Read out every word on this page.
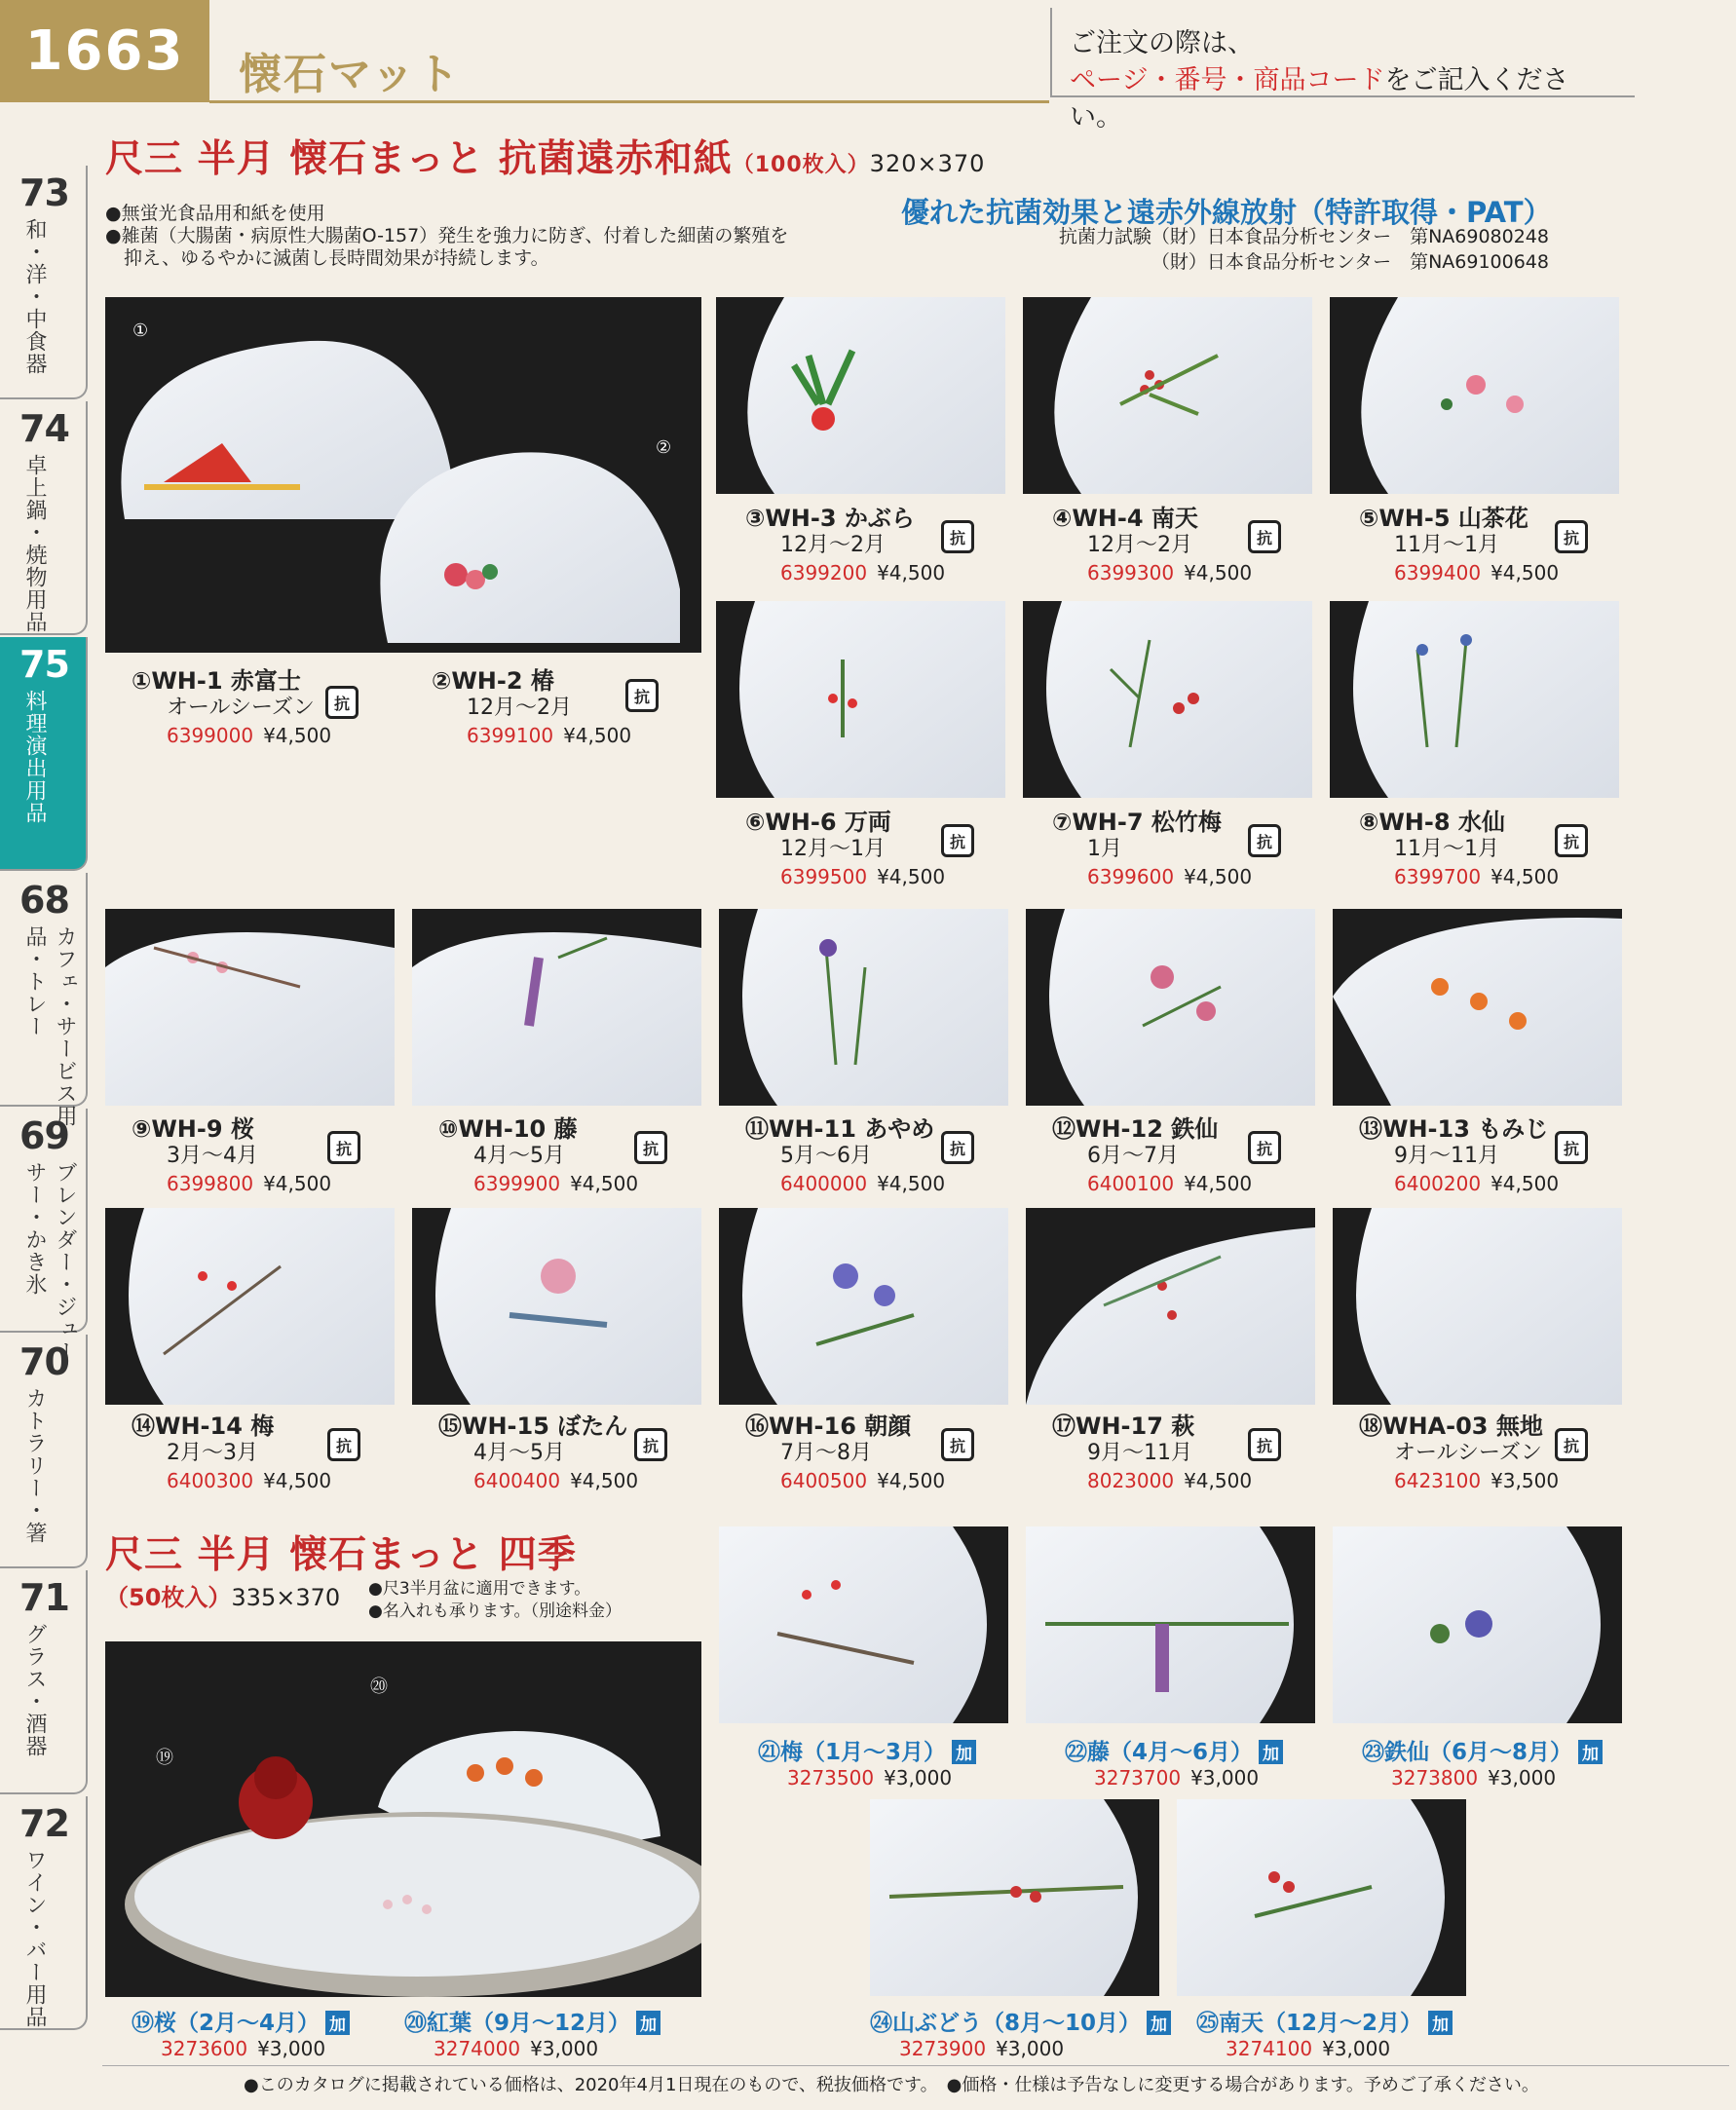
1663	懐石マット
ご注文の際は、
ページ・番号・商品コードをご記入ください。
73
和・洋・中食器
74
卓上鍋・焼物用品
75
料理演出用品
68
カフェ・サービス用品・トレー
69
ブレンダー・ジューサー・かき氷
70
カトラリー・箸
71
グラス・酒器
72
ワイン・バー用品
尺三 半月 懐石まっと 抗菌遠赤和紙（100枚入）320×370
●無蛍光食品用和紙を使用
●雑菌（大腸菌・病原性大腸菌O-157）発生を強力に防ぎ、付着した細菌の繁殖を
　抑え、ゆるやかに滅菌し長時間効果が持続します。
優れた抗菌効果と遠赤外線放射（特許取得・PAT）
抗菌力試験（財）日本食品分析センター　第NA69080248
（財）日本食品分析センター　第NA69100648
①
②
①WH-1 赤富士
オールシーズン
6399000 ¥4,500
抗
②WH-2 椿
12月～2月
6399100 ¥4,500
抗
③WH-3 かぶら
12月～2月
6399200 ¥4,500
抗
④WH-4 南天
12月～2月
6399300 ¥4,500
抗
⑤WH-5 山茶花
11月～1月
6399400 ¥4,500
抗
⑥WH-6 万両
12月～1月
6399500 ¥4,500
抗
⑦WH-7 松竹梅
1月
6399600 ¥4,500
抗
⑧WH-8 水仙
11月～1月
6399700 ¥4,500
抗
⑨WH-9 桜
3月～4月
6399800 ¥4,500
抗
⑩WH-10 藤
4月～5月
6399900 ¥4,500
抗
⑪WH-11 あやめ
5月～6月
6400000 ¥4,500
抗
⑫WH-12 鉄仙
6月～7月
6400100 ¥4,500
抗
⑬WH-13 もみじ
9月～11月
6400200 ¥4,500
抗
⑭WH-14 梅
2月～3月
6400300 ¥4,500
抗
⑮WH-15 ぼたん
4月～5月
6400400 ¥4,500
抗
⑯WH-16 朝顔
7月～8月
6400500 ¥4,500
抗
⑰WH-17 萩
9月～11月
8023000 ¥4,500
抗
⑱WHA-03 無地
オールシーズン
6423100 ¥3,500
抗
尺三 半月 懐石まっと 四季
（50枚入）335×370 ●尺3半月盆に適用できます。
●名入れも承ります。（別途料金）
⑲
⑳
⑲桜（2月～4月） 加
3273600 ¥3,000
⑳紅葉（9月～12月） 加
3274000 ¥3,000
㉑梅（1月～3月） 加
3273500 ¥3,000
㉒藤（4月～6月） 加
3273700 ¥3,000
㉓鉄仙（6月～8月） 加
3273800 ¥3,000
㉔山ぶどう（8月～10月） 加
3273900 ¥3,000
㉕南天（12月～2月） 加
3274100 ¥3,000
●このカタログに掲載されている価格は、2020年4月1日現在のもので、税抜価格です。　●価格・仕様は予告なしに変更する場合があります。予めご了承ください。
